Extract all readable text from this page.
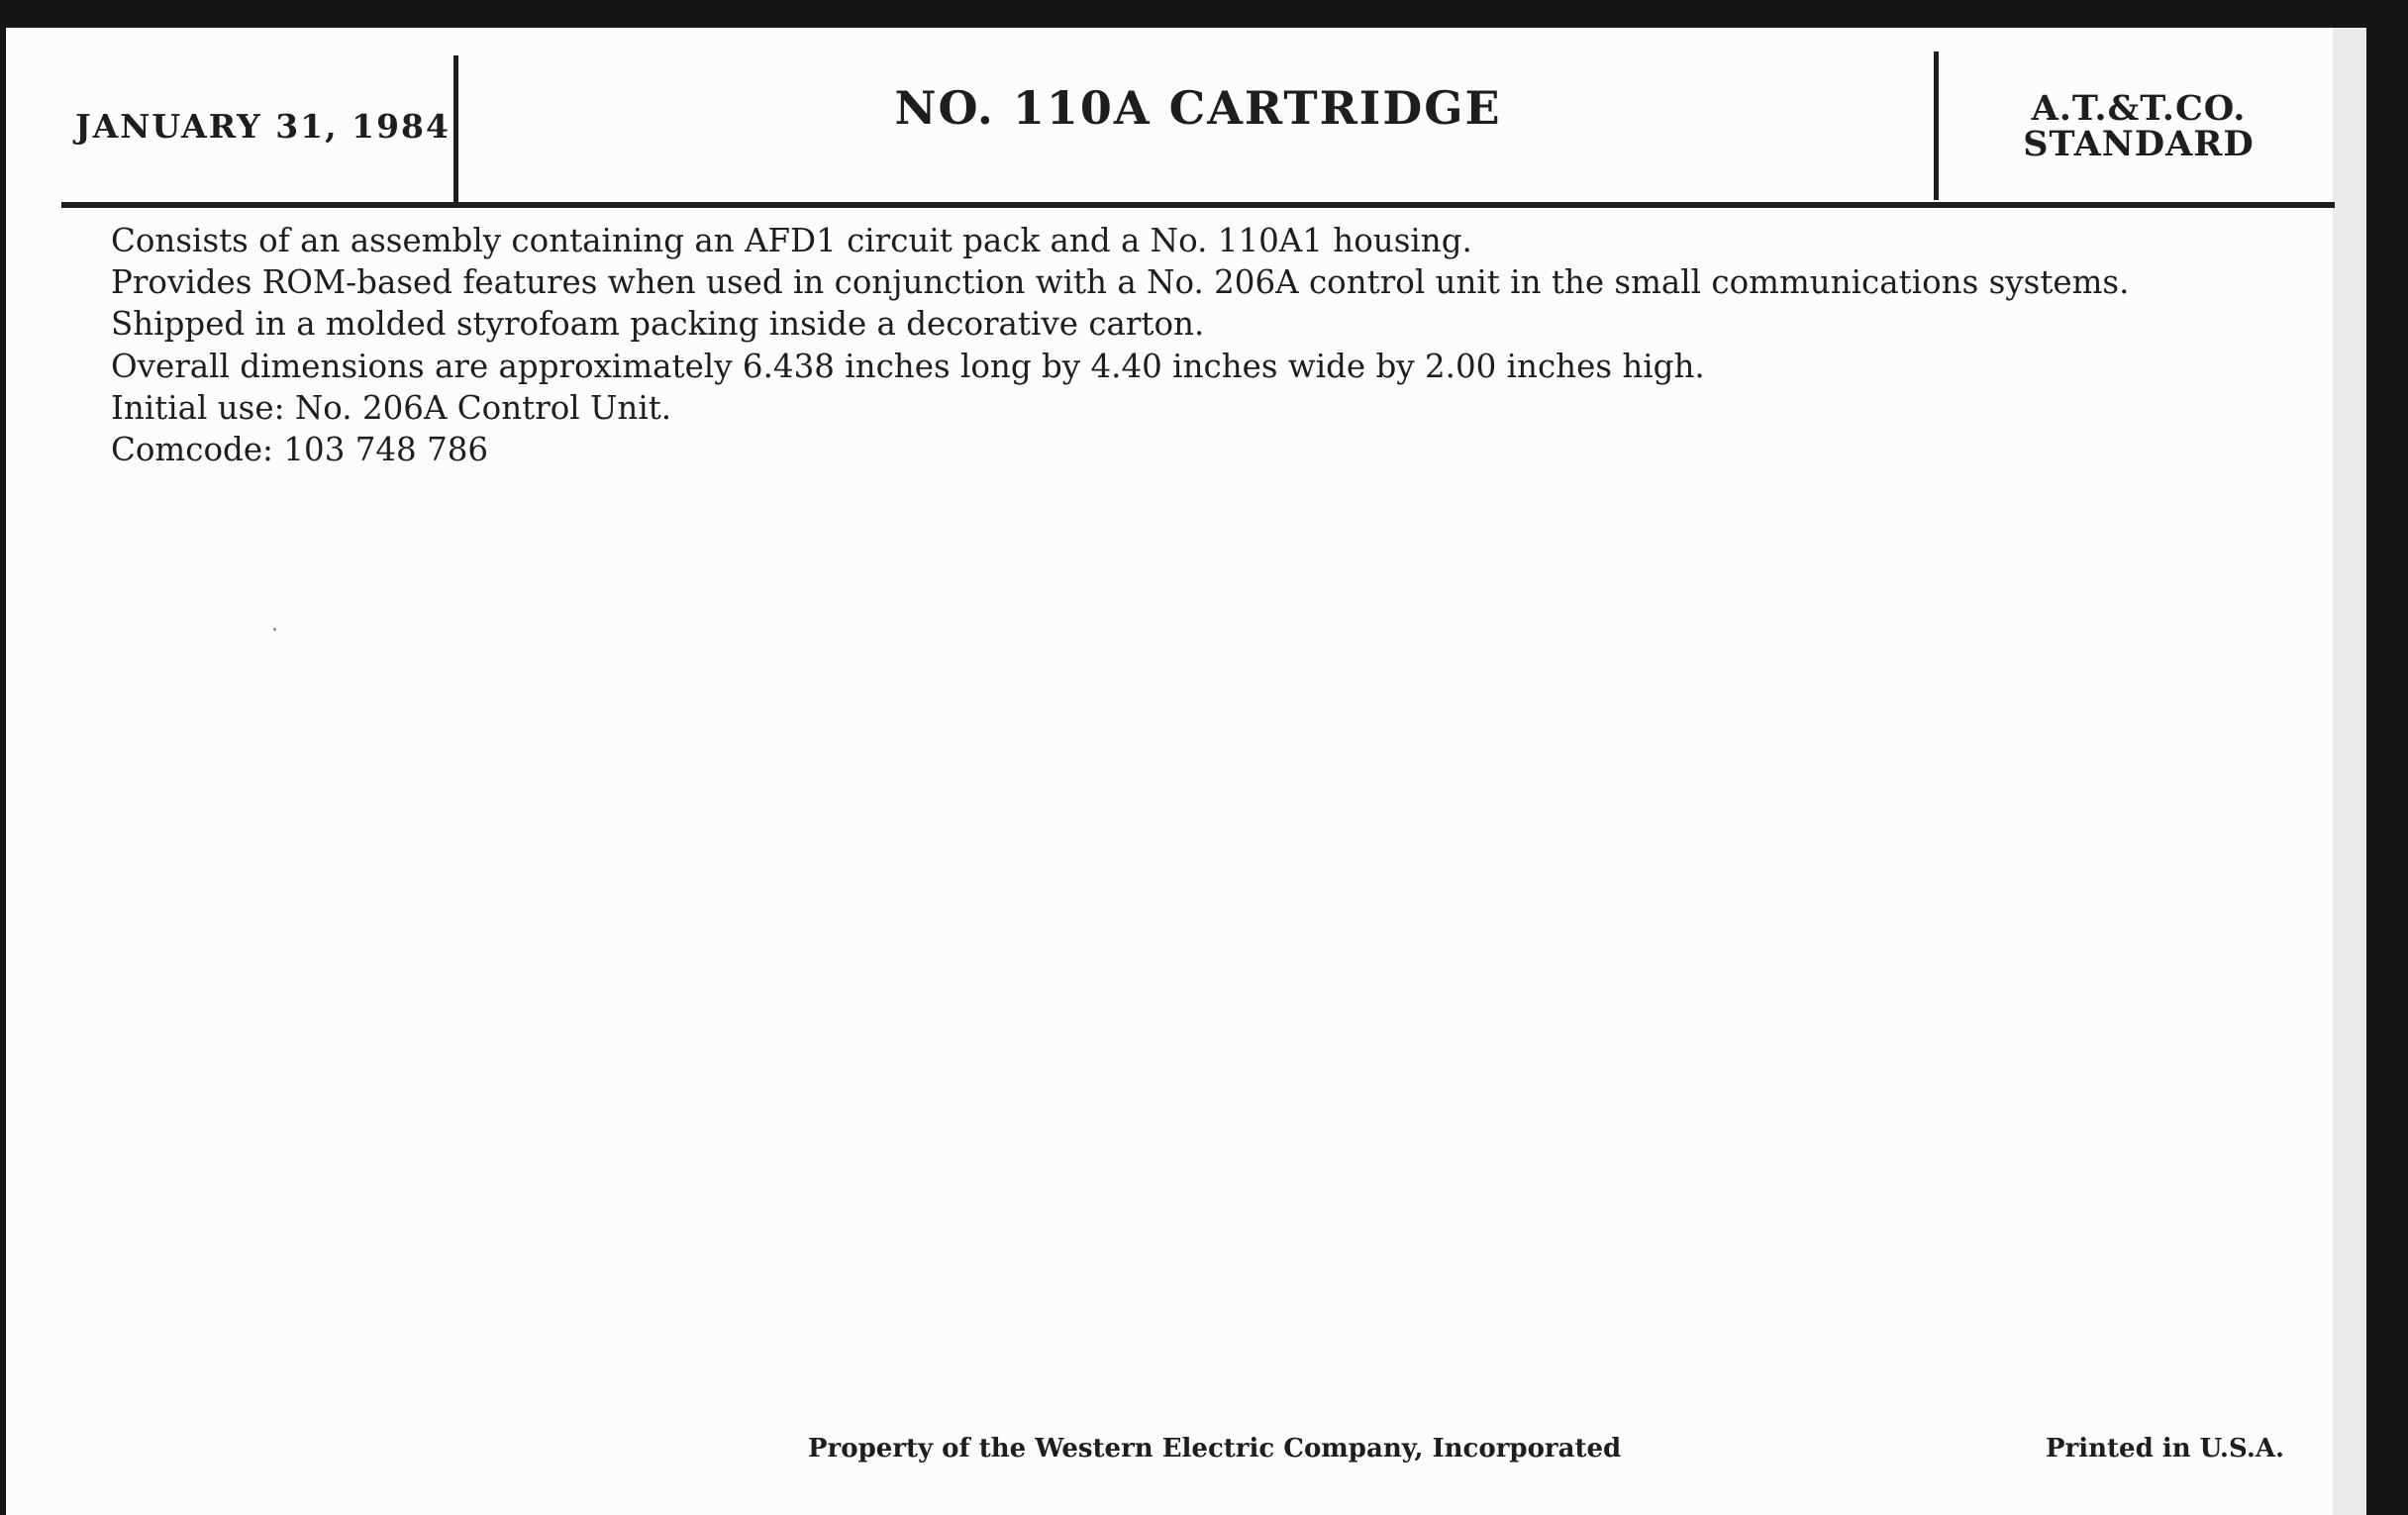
JANUARY 31, 1984	NO. 110A CARTRIDGE	A.T.&T.CO.
STANDARD
Consists of an assembly containing an AFD1 circuit pack and a No. 110A1 housing.
Provides ROM-based features when used in conjunction with a No. 206A control unit in the small communications systems.
Shipped in a molded styrofoam packing inside a decorative carton.
Overall dimensions are approximately 6.438 inches long by 4.40 inches wide by 2.00 inches high.
Initial use: No. 206A Control Unit.
Comcode: 103 748 786
Property of the Western Electric Company, Incorporated	Printed in U.S.A.
